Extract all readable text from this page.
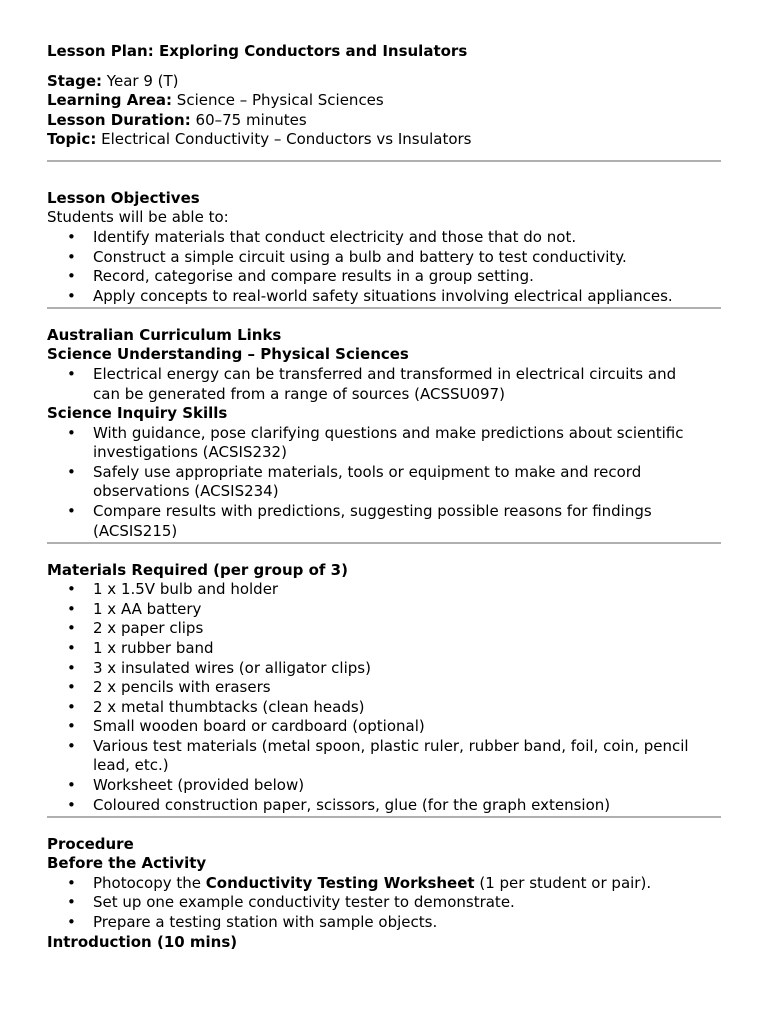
Lesson Plan: Exploring Conductors and Insulators
Stage: Year 9 (T)
Learning Area: Science – Physical Sciences
Lesson Duration: 60–75 minutes
Topic: Electrical Conductivity – Conductors vs Insulators
Lesson Objectives
Students will be able to:
• Identify materials that conduct electricity and those that do not.
• Construct a simple circuit using a bulb and battery to test conductivity.
• Record, categorise and compare results in a group setting.
• Apply concepts to real-world safety situations involving electrical appliances.
Australian Curriculum Links
Science Understanding – Physical Sciences
• Electrical energy can be transferred and transformed in electrical circuits and
can be generated from a range of sources (ACSSU097)
Science Inquiry Skills
• With guidance, pose clarifying questions and make predictions about scientific
investigations (ACSIS232)
• Safely use appropriate materials, tools or equipment to make and record
observations (ACSIS234)
• Compare results with predictions, suggesting possible reasons for findings
(ACSIS215)
Materials Required (per group of 3)
• 1 x 1.5V bulb and holder
• 1 x AA battery
• 2 x paper clips
• 1 x rubber band
• 3 x insulated wires (or alligator clips)
• 2 x pencils with erasers
• 2 x metal thumbtacks (clean heads)
• Small wooden board or cardboard (optional)
• Various test materials (metal spoon, plastic ruler, rubber band, foil, coin, pencil
lead, etc.)
• Worksheet (provided below)
• Coloured construction paper, scissors, glue (for the graph extension)
Procedure
Before the Activity
• Photocopy the Conductivity Testing Worksheet (1 per student or pair).
• Set up one example conductivity tester to demonstrate.
• Prepare a testing station with sample objects.
Introduction (10 mins)
